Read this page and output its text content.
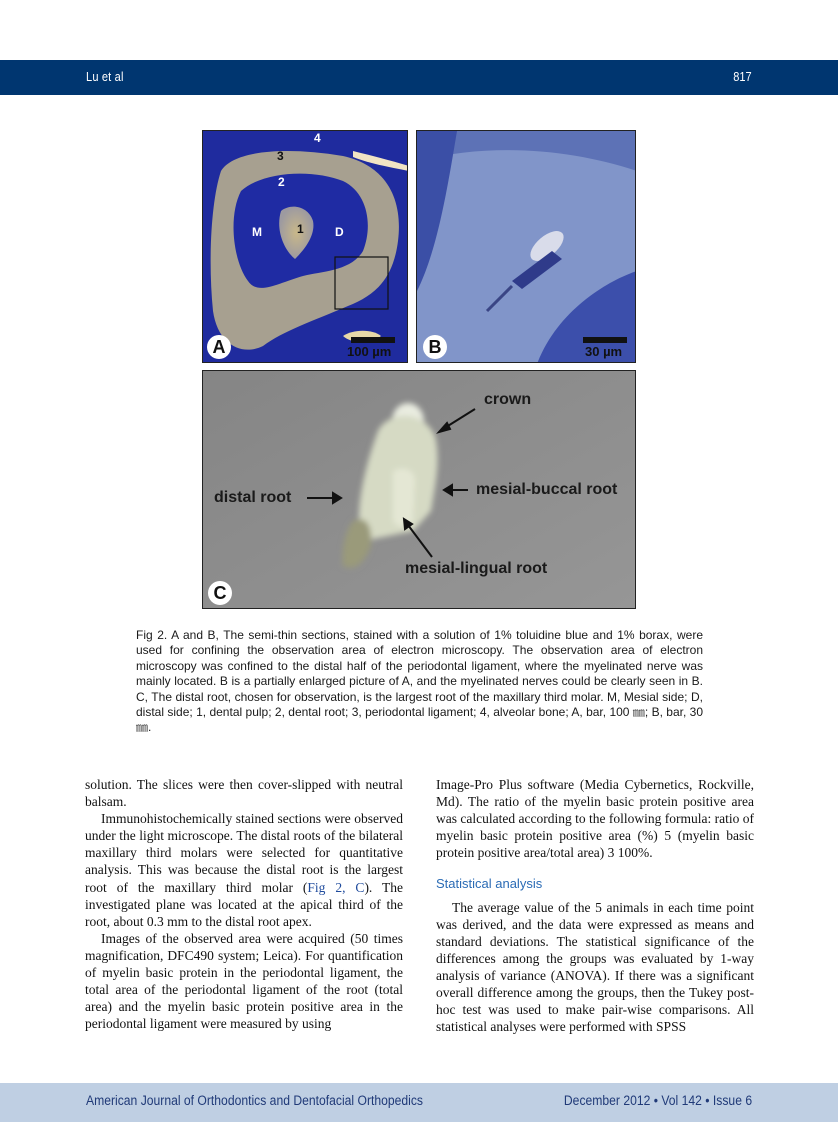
Lu et al	817
4
3
2
1
M	D
100 µm
A	30 µm
B
crown
distal root	mesial-buccal root
mesial-lingual root
C
Fig 2. A and B, The semi-thin sections, stained with a solution of 1% toluidine blue and 1% borax, were used for confining the observation area of electron microscopy. The observation area of electron microscopy was confined to the distal half of the periodontal ligament, where the myelinated nerve was mainly located. B is a partially enlarged picture of A, and the myelinated nerves could be clearly seen in B. C, The distal root, chosen for observation, is the largest root of the maxillary third molar. M, Mesial side; D, distal side; 1, dental pulp; 2, dental root; 3, periodontal ligament; 4, alveolar bone; A, bar, 100 ㎜; B, bar, 30 ㎜.

solution. The slices were then cover-slipped with neutral balsam.

Immunohistochemically stained sections were observed under the light microscope. The distal roots of the bilateral maxillary third molars were selected for quantitative analysis. This was because the distal root is the largest root of the maxillary third molar (Fig 2, C). The investigated plane was located at the apical third of the root, about 0.3 mm to the distal root apex.

Images of the observed area were acquired (50 times magnification, DFC490 system; Leica). For quantification of myelin basic protein in the periodontal ligament, the total area of the periodontal ligament of the root (total area) and the myelin basic protein positive area in the periodontal ligament were measured by using

Image-Pro Plus software (Media Cybernetics, Rockville, Md). The ratio of the myelin basic protein positive area was calculated according to the following formula: ratio of myelin basic protein positive area (%) 5 (myelin basic protein positive area/total area) 3 100%.

Statistical analysis

The average value of the 5 animals in each time point was derived, and the data were expressed as means and standard deviations. The statistical significance of the differences among the groups was evaluated by 1-way analysis of variance (ANOVA). If there was a significant overall difference among the groups, then the Tukey post-hoc test was used to make pair-wise comparisons. All statistical analyses were performed with SPSS

American Journal of Orthodontics and Dentofacial Orthopedics	December 2012 • Vol 142 • Issue 6
